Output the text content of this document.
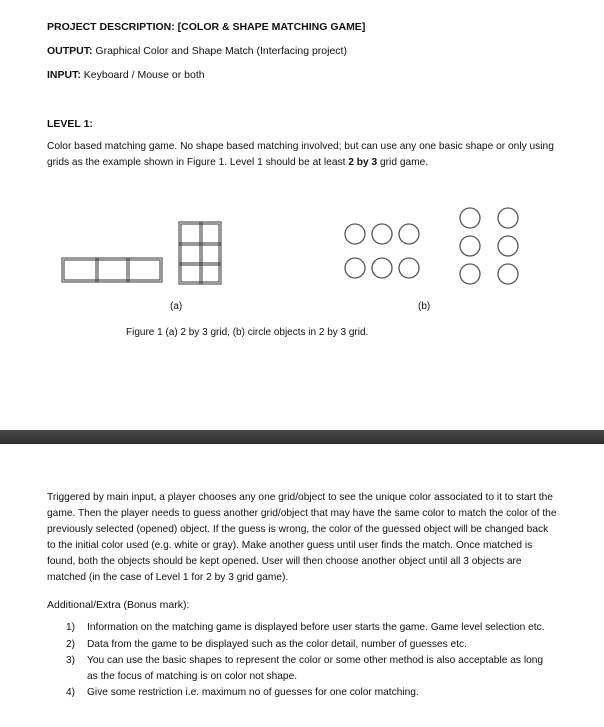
PROJECT DESCRIPTION: [COLOR & SHAPE MATCHING GAME]
OUTPUT: Graphical Color and Shape Match (Interfacing project)
INPUT: Keyboard / Mouse or both
LEVEL 1:
Color based matching game. No shape based matching involved; but can use any one basic shape or only using grids as the example shown in Figure 1. Level 1 should be at least 2 by 3 grid game.
(a)	(b)
Figure 1 (a) 2 by 3 grid, (b) circle objects in 2 by 3 grid.
Triggered by main input, a player chooses any one grid/object to see the unique color associated to it to start the game. Then the player needs to guess another grid/object that may have the same color to match the color of the previously selected (opened) object. If the guess is wrong, the color of the guessed object will be changed back to the initial color used (e.g. white or gray). Make another guess until user finds the match. Once matched is found, both the objects should be kept opened. User will then choose another object until all 3 objects are matched (in the case of Level 1 for 2 by 3 grid game).
Additional/Extra (Bonus mark):
1) Information on the matching game is displayed before user starts the game. Game level selection etc.
2) Data from the game to be displayed such as the color detail, number of guesses etc.
3) You can use the basic shapes to represent the color or some other method is also acceptable as long as the focus of matching is on color not shape.
4) Give some restriction i.e. maximum no of guesses for one color matching.
